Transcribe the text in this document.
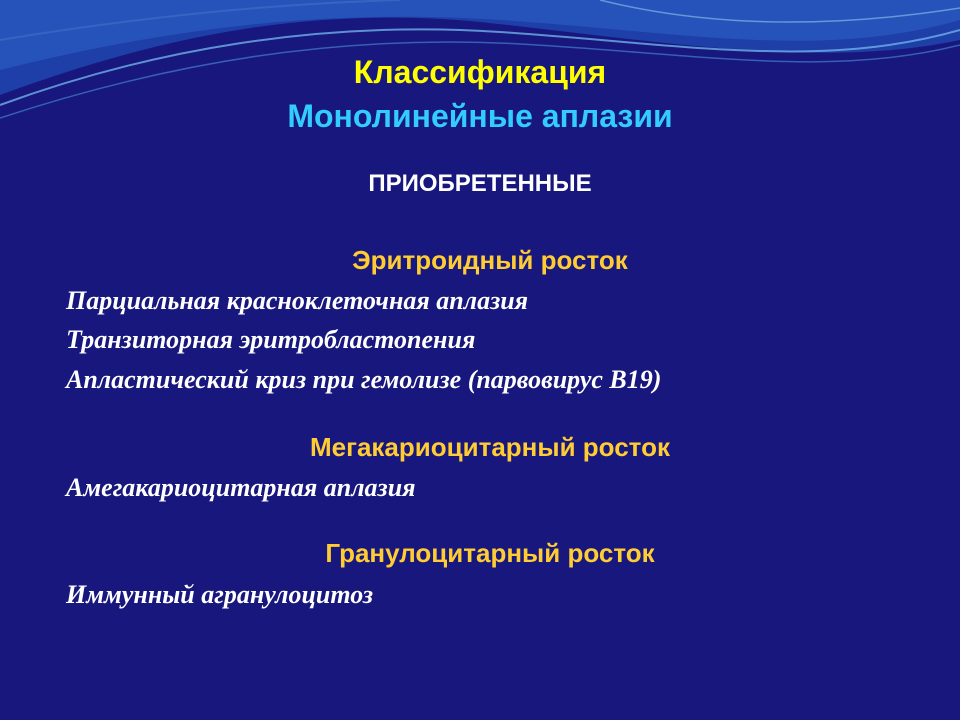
Классификация
Монолинейные аплазии
ПРИОБРЕТЕННЫЕ
Эритроидный росток
Парциальная красноклеточная аплазия
Транзиторная эритробластопения
Апластический криз при гемолизе (парвовирус B19)
Мегакариоцитарный росток
Амегакариоцитарная аплазия
Гранулоцитарный росток
Иммунный агранулоцитоз
